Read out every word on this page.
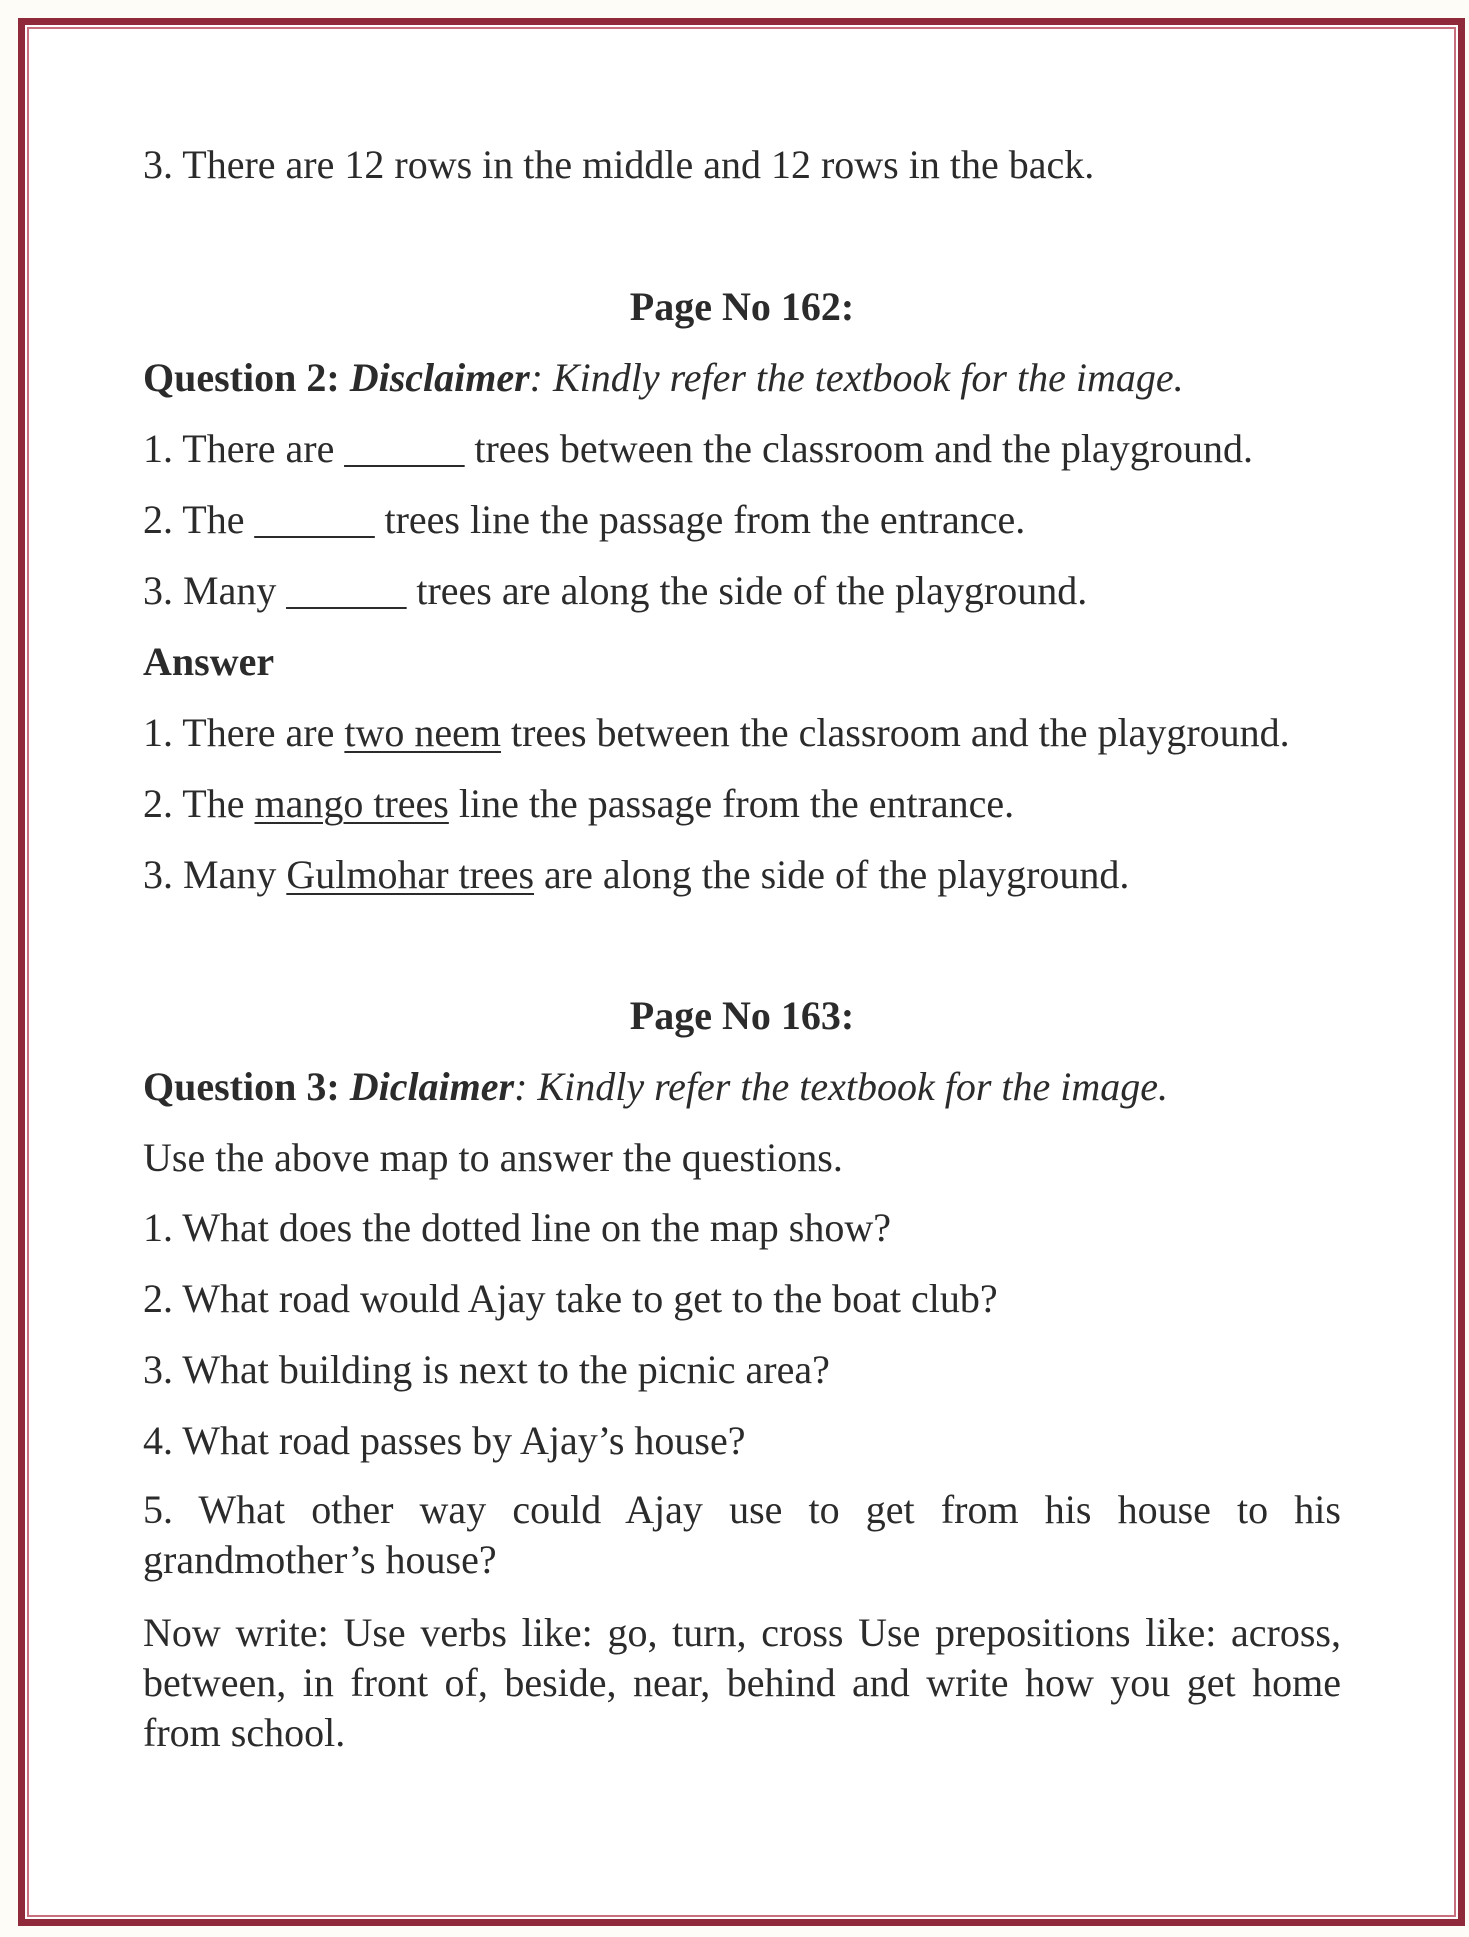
3. There are 12 rows in the middle and 12 rows in the back.
Page No 162:
Question 2: Disclaimer: Kindly refer the textbook for the image.
1. There are ______ trees between the classroom and the playground.
2. The ______ trees line the passage from the entrance.
3. Many ______ trees are along the side of the playground.
Answer
1. There are two neem trees between the classroom and the playground.
2. The mango trees line the passage from the entrance.
3. Many Gulmohar trees are along the side of the playground.
Page No 163:
Question 3: Diclaimer: Kindly refer the textbook for the image.
Use the above map to answer the questions.
1. What does the dotted line on the map show?
2. What road would Ajay take to get to the boat club?
3. What building is next to the picnic area?
4. What road passes by Ajay’s house?
5. What other way could Ajay use to get from his house to his grandmother’s house?
Now write: Use verbs like: go, turn, cross Use prepositions like: across, between, in front of, beside, near, behind and write how you get home from school.
